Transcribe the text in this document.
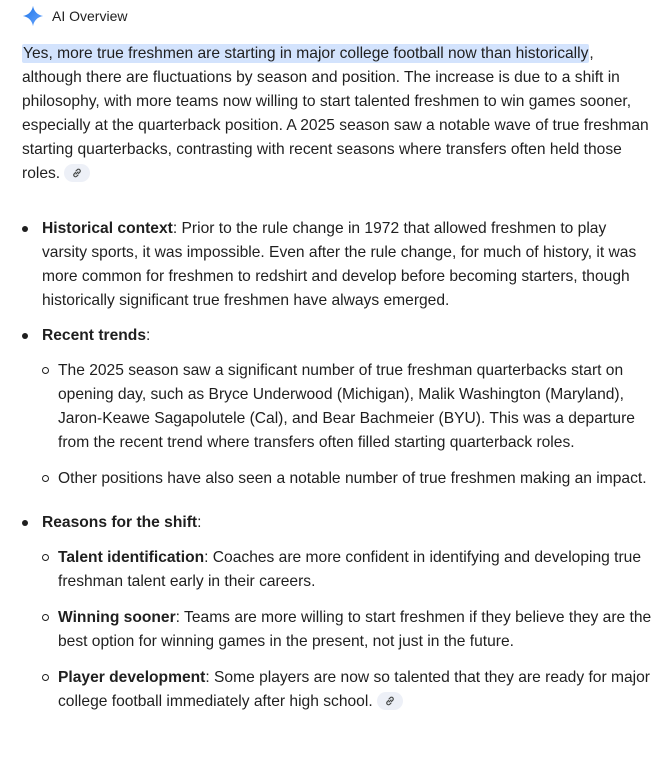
AI Overview

Yes, more true freshmen are starting in major college football now than historically, although there are fluctuations by season and position. The increase is due to a shift in philosophy, with more teams now willing to start talented freshmen to win games sooner, especially at the quarterback position. A 2025 season saw a notable wave of true freshman starting quarterbacks, contrasting with recent seasons where transfers often held those roles.

Historical context: Prior to the rule change in 1972 that allowed freshmen to play varsity sports, it was impossible. Even after the rule change, for much of history, it was more common for freshmen to redshirt and develop before becoming starters, though historically significant true freshmen have always emerged.
Recent trends:
The 2025 season saw a significant number of true freshman quarterbacks start on opening day, such as Bryce Underwood (Michigan), Malik Washington (Maryland), Jaron-Keawe Sagapolutele (Cal), and Bear Bachmeier (BYU). This was a departure from the recent trend where transfers often filled starting quarterback roles.
Other positions have also seen a notable number of true freshmen making an impact.
Reasons for the shift:
Talent identification: Coaches are more confident in identifying and developing true freshman talent early in their careers.
Winning sooner: Teams are more willing to start freshmen if they believe they are the best option for winning games in the present, not just in the future.
Player development: Some players are now so talented that they are ready for major college football immediately after high school.
